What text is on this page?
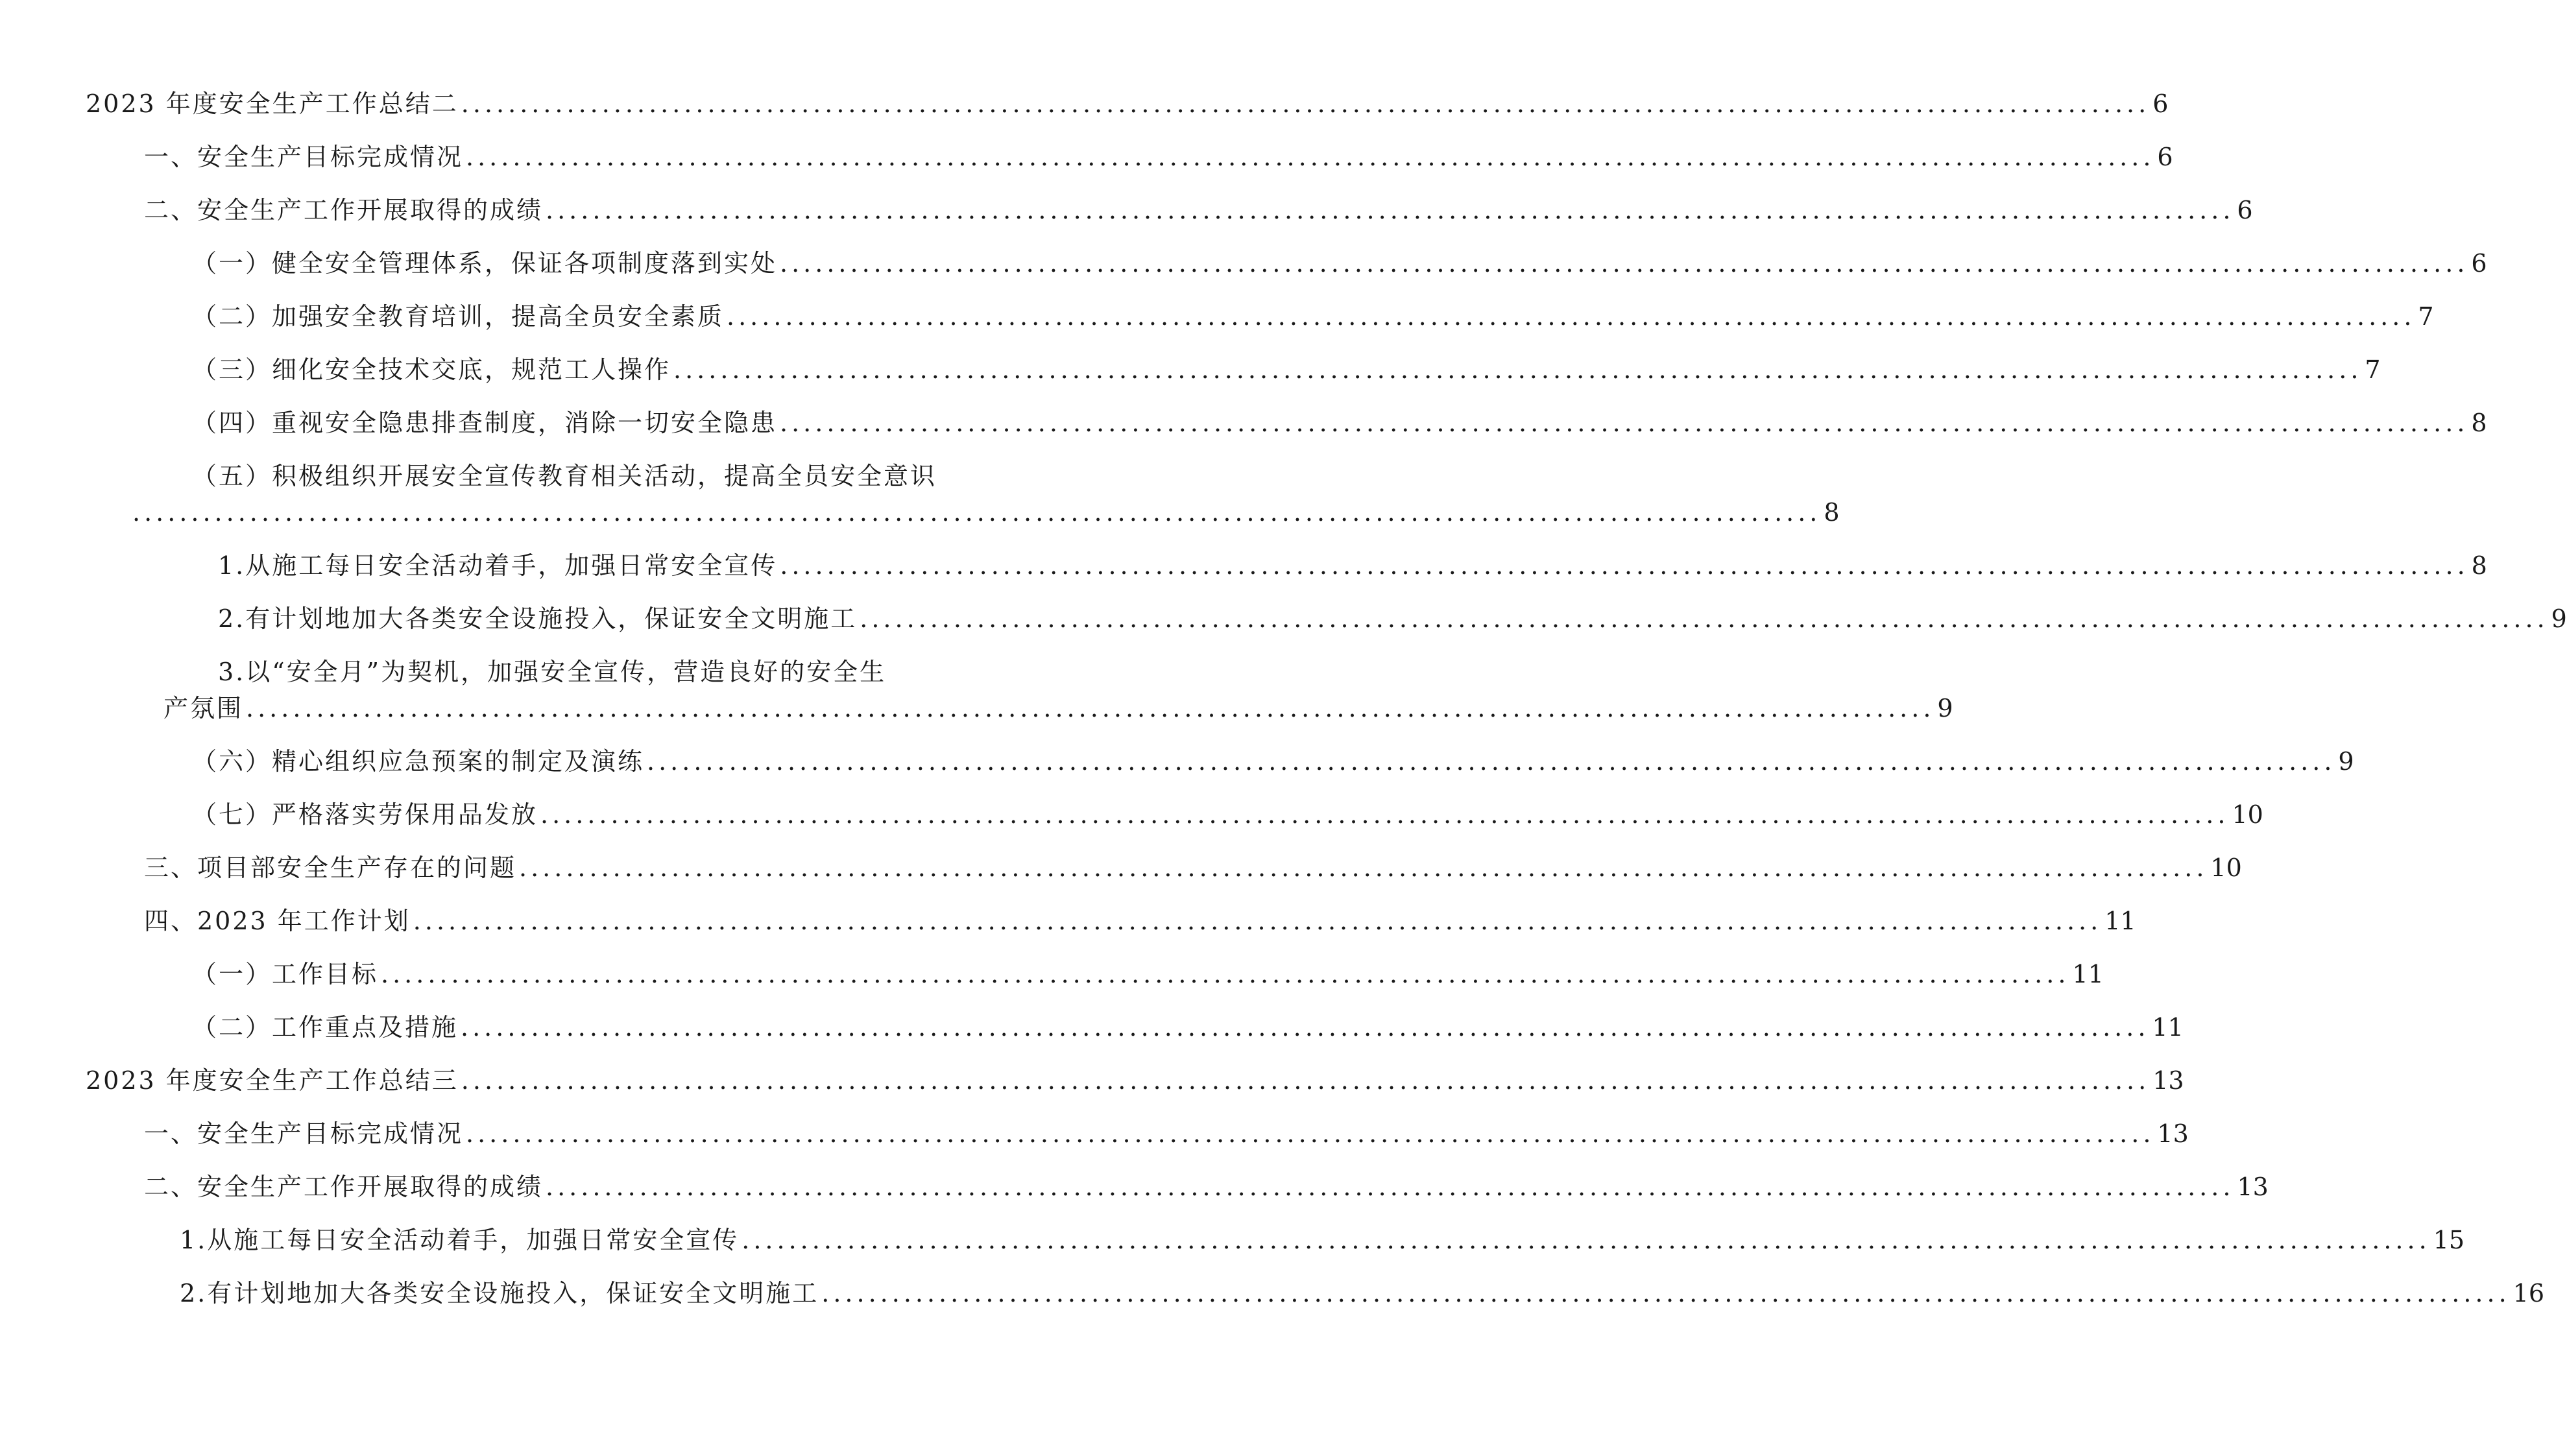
2023 年度安全生产工作总结二 ................................................................................................................................................ 6
一、安全生产目标完成情况 ................................................................................................................................................ 6
二、安全生产工作开展取得的成绩 ................................................................................................................................................ 6
（一）健全安全管理体系，保证各项制度落到实处 ................................................................................................................................................ 6
（二）加强安全教育培训，提高全员安全素质 ................................................................................................................................................ 7
（三）细化安全技术交底，规范工人操作 ................................................................................................................................................ 7
（四）重视安全隐患排查制度，消除一切安全隐患 ................................................................................................................................................ 8
（五）积极组织开展安全宣传教育相关活动，提高全员安全意识
................................................................................................................................................ 8
1.从施工每日安全活动着手，加强日常安全宣传 ................................................................................................................................................ 8
2.有计划地加大各类安全设施投入，保证安全文明施工 ................................................................................................................................................ 9
3.以“安全月”为契机，加强安全宣传，营造良好的安全生
产氛围 ................................................................................................................................................ 9
（六）精心组织应急预案的制定及演练 ................................................................................................................................................ 9
（七）严格落实劳保用品发放 ................................................................................................................................................ 10
三、项目部安全生产存在的问题 ................................................................................................................................................ 10
四、2023 年工作计划 ................................................................................................................................................ 11
（一）工作目标 ................................................................................................................................................ 11
（二）工作重点及措施 ................................................................................................................................................ 11
2023 年度安全生产工作总结三 ................................................................................................................................................ 13
一、安全生产目标完成情况 ................................................................................................................................................ 13
二、安全生产工作开展取得的成绩 ................................................................................................................................................ 13
1.从施工每日安全活动着手，加强日常安全宣传 ................................................................................................................................................ 15
2.有计划地加大各类安全设施投入，保证安全文明施工 ................................................................................................................................................ 16
